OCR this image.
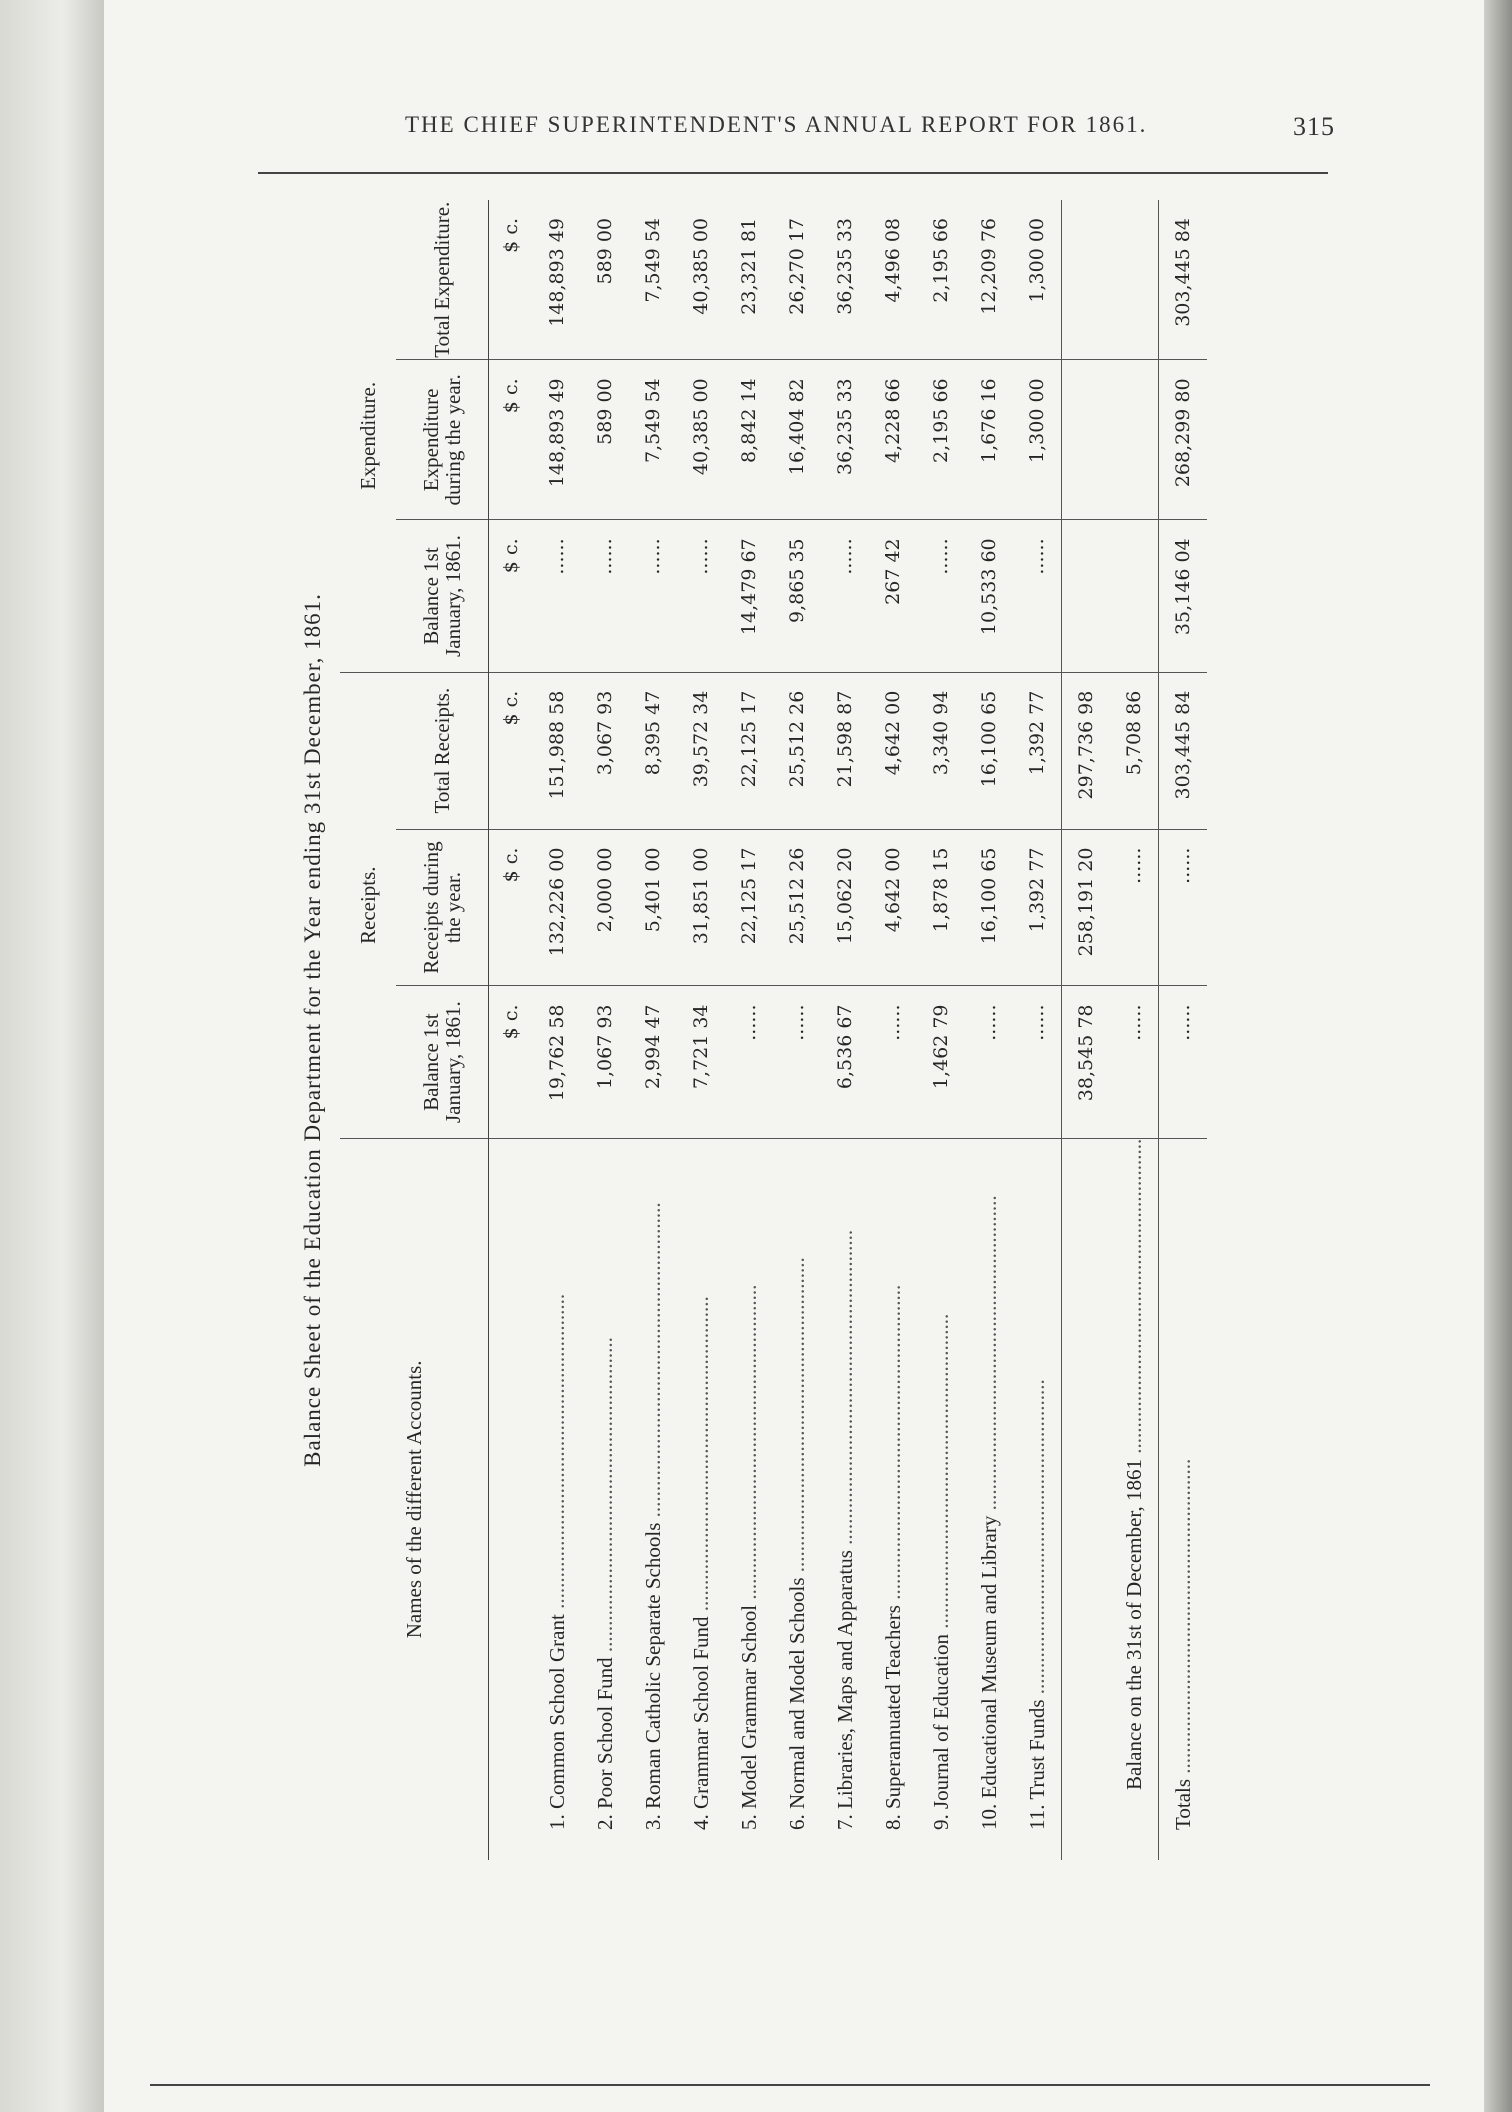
THE CHIEF SUPERINTENDENT'S ANNUAL REPORT FOR 1861.	315
Balance Sheet of the Education Department for the Year ending 31st December, 1861.
Names of the different Accounts.	Receipts.			Expenditure.		
	Balance 1st January, 1861.	Receipts during the year.	Total Receipts.	Balance 1st January, 1861.	Expenditure during the year.	Total Expenditure.
	$ c.	$ c.	$ c.	$ c.	$ c.	$ c.
1. Common School Grant ............................................................	19,762 58	132,226 00	151,988 58	......	148,893 49	148,893 49
2. Poor School Fund ............................................................	1,067 93	2,000 00	3,067 93	......	589 00	589 00
3. Roman Catholic Separate Schools ............................................................	2,994 47	5,401 00	8,395 47	......	7,549 54	7,549 54
4. Grammar School Fund ............................................................	7,721 34	31,851 00	39,572 34	......	40,385 00	40,385 00
5. Model Grammar School ............................................................	......	22,125 17	22,125 17	14,479 67	8,842 14	23,321 81
6. Normal and Model Schools ............................................................	......	25,512 26	25,512 26	9,865 35	16,404 82	26,270 17
7. Libraries, Maps and Apparatus ............................................................	6,536 67	15,062 20	21,598 87	......	36,235 33	36,235 33
8. Superannuated Teachers ............................................................	......	4,642 00	4,642 00	267 42	4,228 66	4,496 08
9. Journal of Education ............................................................	1,462 79	1,878 15	3,340 94	......	2,195 66	2,195 66
10. Educational Museum and Library ............................................................	......	16,100 65	16,100 65	10,533 60	1,676 16	12,209 76
11. Trust Funds ............................................................	......	1,392 77	1,392 77	......	1,300 00	1,300 00
	38,545 78	258,191 20	297,736 98			
Balance on the 31st of December, 1861 ............................................................	......	......	5,708 86			
Totals ............................................................	......	......	303,445 84	35,146 04	268,299 80	303,445 84
